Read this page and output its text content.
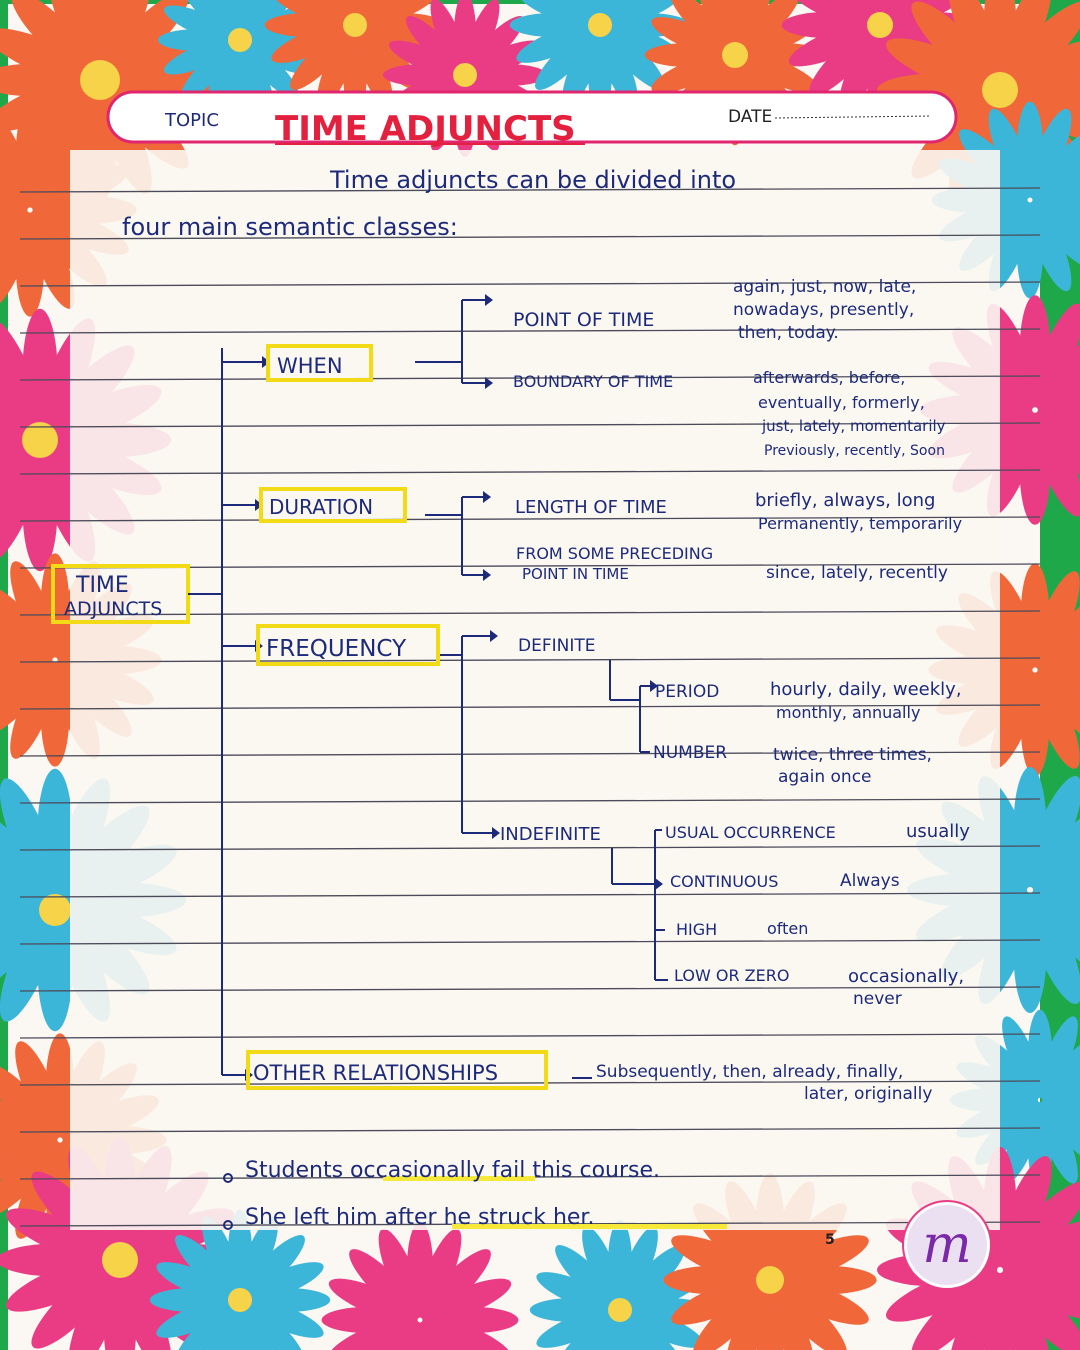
TOPIC TIME ADJUNCTS	DATE
Time adjuncts can be divided into
four main semantic classes:
TIME
ADJUNCTS
WHEN
DURATION
FREQUENCY
OTHER RELATIONSHIPS
POINT OF TIME
again, just, now, late,
nowadays, presently,
then, today.
BOUNDARY OF TIME	afterwards, before,
eventually, formerly,
just, lately, momentarily
Previously, recently, Soon
LENGTH OF TIME	briefly, always, long
Permanently, temporarily
FROM SOME PRECEDING
POINT IN TIME	since, lately, recently
DEFINITE
PERIOD	hourly, daily, weekly,
monthly, annually
NUMBER	twice, three times,
again once
INDEFINITE	USUAL OCCURRENCE	usually
CONTINUOUS	Always
HIGH	often
LOW OR ZERO	occasionally,
never
Subsequently, then, already, finally,
later, originally
Students occasionally fail this course.
She left him after he struck her.
5 m
